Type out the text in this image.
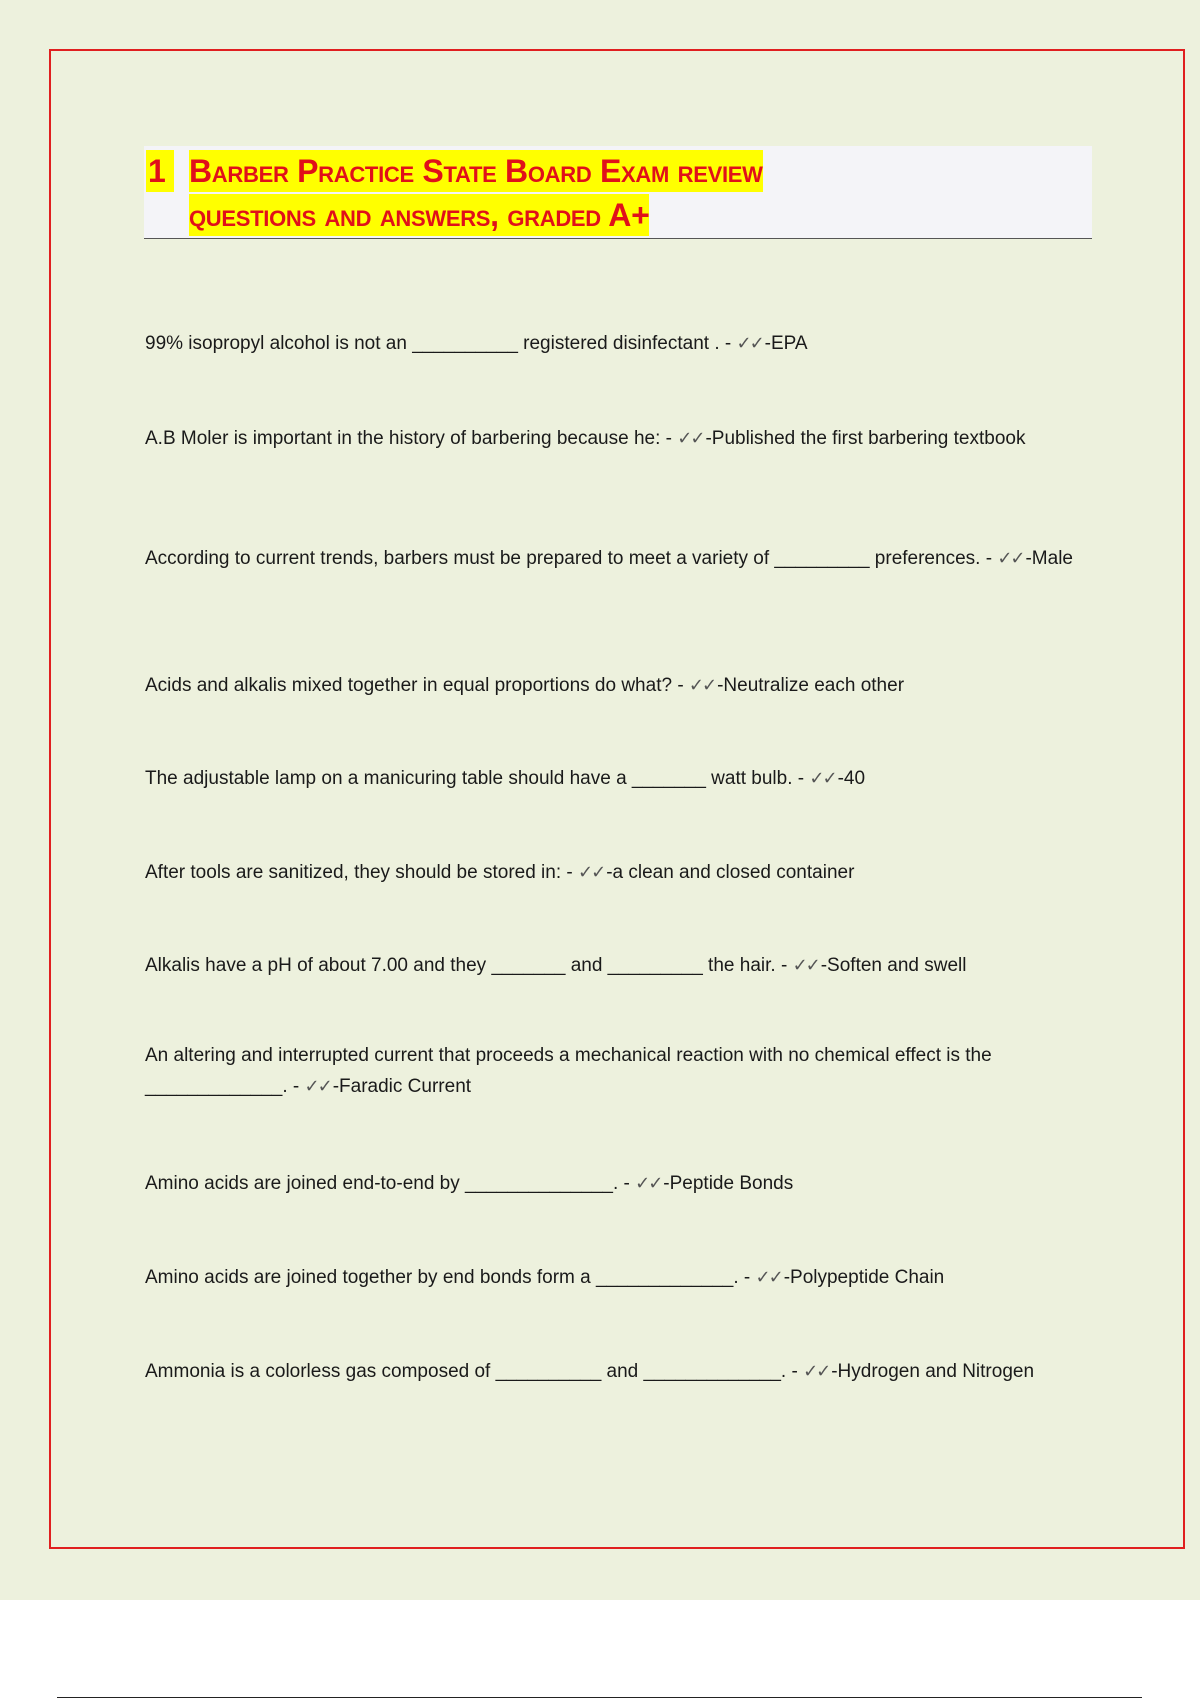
1 Barber Practice State Board Exam review
questions and answers, graded A+
99% isopropyl alcohol is not an __________ registered disinfectant . - ✓✓ -EPA
A.B Moler is important in the history of barbering because he: - ✓✓ -Published the first barbering textbook
According to current trends, barbers must be prepared to meet a variety of _________ preferences. - ✓✓ -Male
Acids and alkalis mixed together in equal proportions do what? - ✓✓ -Neutralize each other
The adjustable lamp on a manicuring table should have a _______ watt bulb. - ✓✓ -40
After tools are sanitized, they should be stored in: - ✓✓ -a clean and closed container
Alkalis have a pH of about 7.00 and they _______ and _________ the hair. - ✓✓ -Soften and swell
An altering and interrupted current that proceeds a mechanical reaction with no chemical effect is the _____________. - ✓✓ -Faradic Current
Amino acids are joined end-to-end by ______________. - ✓✓ -Peptide Bonds
Amino acids are joined together by end bonds form a _____________. - ✓✓ -Polypeptide Chain
Ammonia is a colorless gas composed of __________ and _____________. - ✓✓ -Hydrogen and Nitrogen
